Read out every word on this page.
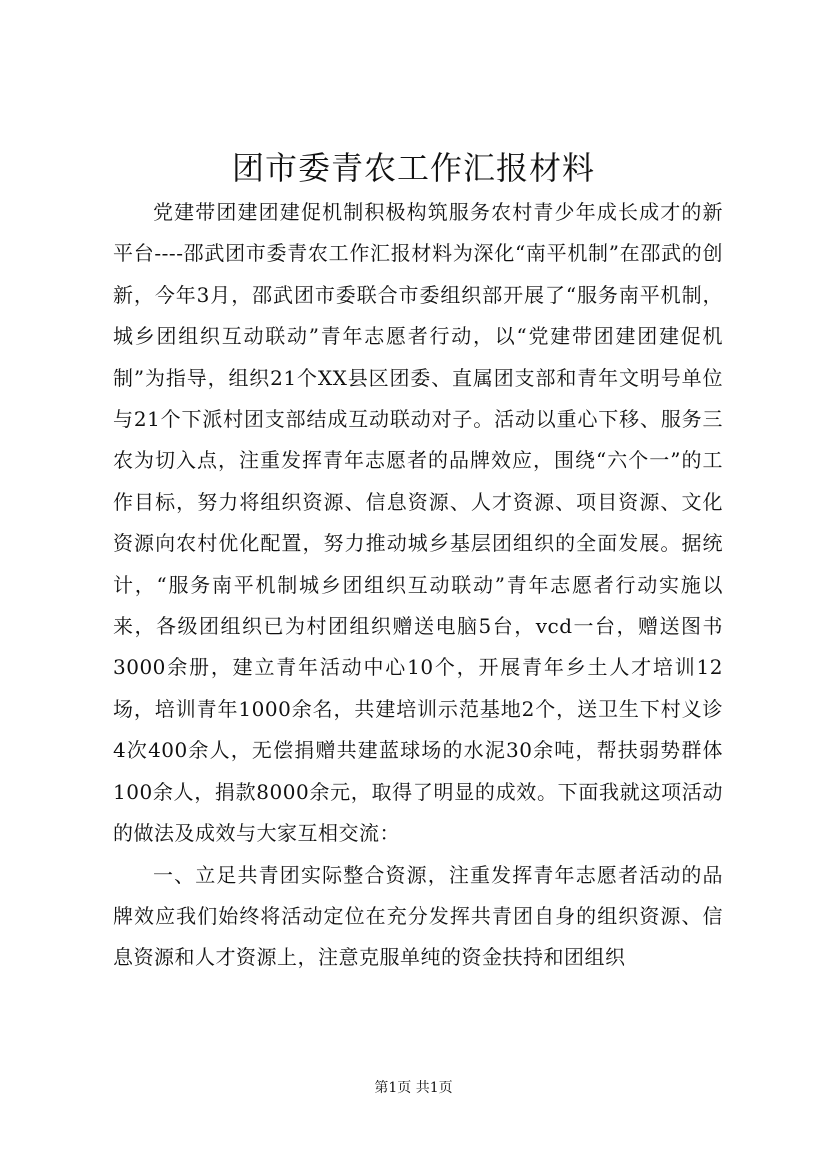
团市委青农工作汇报材料

党建带团建团建促机制积极构筑服务农村青少年成长成才的新平台----邵武团市委青农工作汇报材料为深化“南平机制”在邵武的创新，今年3月，邵武团市委联合市委组织部开展了“服务南平机制，城乡团组织互动联动”青年志愿者行动，以“党建带团建团建促机制”为指导，组织21个XX县区团委、直属团支部和青年文明号单位与21个下派村团支部结成互动联动对子。活动以重心下移、服务三农为切入点，注重发挥青年志愿者的品牌效应，围绕“六个一”的工作目标，努力将组织资源、信息资源、人才资源、项目资源、文化资源向农村优化配置，努力推动城乡基层团组织的全面发展。据统计，“服务南平机制城乡团组织互动联动”青年志愿者行动实施以来，各级团组织已为村团组织赠送电脑5台，vcd一台，赠送图书3000余册，建立青年活动中心10个，开展青年乡土人才培训12场，培训青年1000余名，共建培训示范基地2个，送卫生下村义诊4次400余人，无偿捐赠共建蓝球场的水泥30余吨，帮扶弱势群体100余人，捐款8000余元，取得了明显的成效。下面我就这项活动的做法及成效与大家互相交流：

一、立足共青团实际整合资源，注重发挥青年志愿者活动的品牌效应我们始终将活动定位在充分发挥共青团自身的组织资源、信息资源和人才资源上，注意克服单纯的资金扶持和团组织

第1页 共1页
